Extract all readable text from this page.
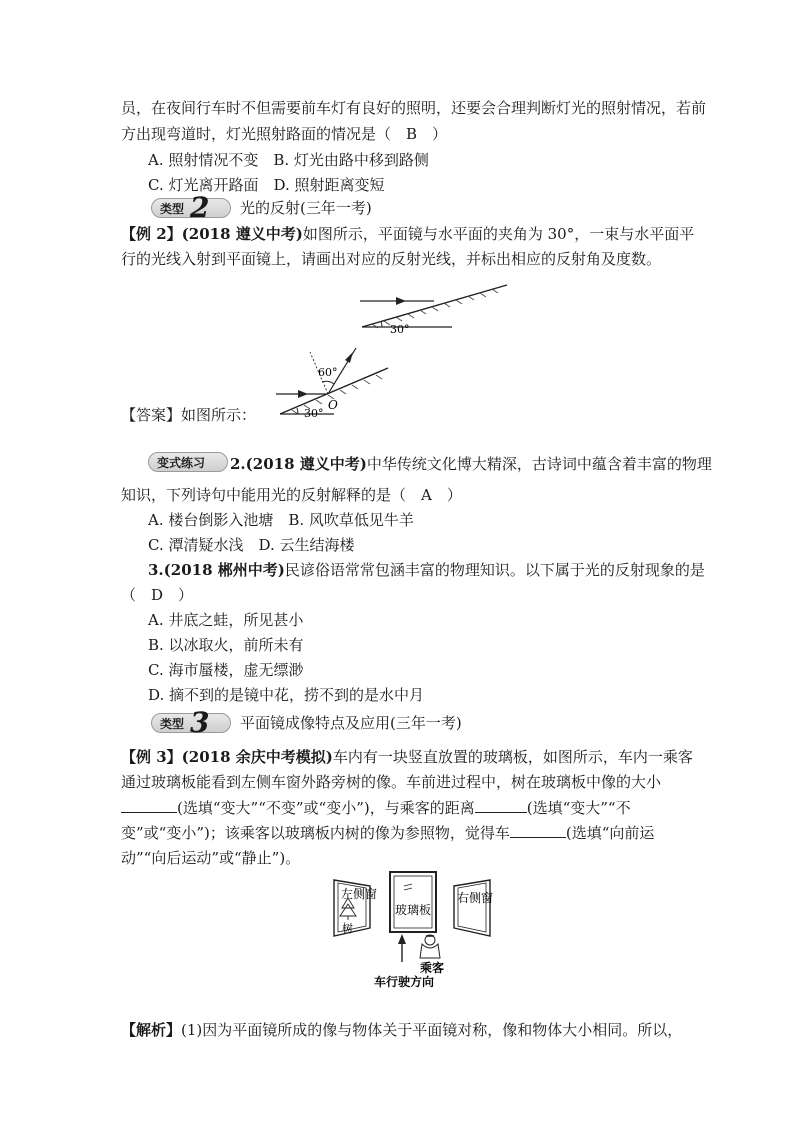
员，在夜间行车时不但需要前车灯有良好的照明，还要会合理判断灯光的照射情况，若前
方出现弯道时，灯光照射路面的情况是（　B　）
A. 照射情况不变　B. 灯光由路中移到路侧
C. 灯光离开路面　D. 照射距离变短
类型 2 光的反射(三年一考)
【例 2】(2018 遵义中考)如图所示，平面镜与水平面的夹角为 30°，一束与水平面平
行的光线入射到平面镜上，请画出对应的反射光线，并标出相应的反射角及度数。
30°
60°
O
30°
【答案】如图所示：
变式练习 2.(2018 遵义中考)中华传统文化博大精深，古诗词中蕴含着丰富的物理
知识，下列诗句中能用光的反射解释的是（　A　）
A. 楼台倒影入池塘　B. 风吹草低见牛羊
C. 潭清疑水浅　D. 云生结海楼
3.(2018 郴州中考)民谚俗语常常包涵丰富的物理知识。以下属于光的反射现象的是
（　D　）
A. 井底之蛙，所见甚小
B. 以冰取火，前所未有
C. 海市蜃楼，虚无缥渺
D. 摘不到的是镜中花，捞不到的是水中月
类型 3 平面镜成像特点及应用(三年一考)
【例 3】(2018 余庆中考模拟)车内有一块竖直放置的玻璃板，如图所示，车内一乘客
通过玻璃板能看到左侧车窗外路旁树的像。车前进过程中，树在玻璃板中像的大小
(选填“变大”“不变”或“变小”)，与乘客的距离	(选填“变大”“不
变”或“变小”)；该乘客以玻璃板内树的像为参照物，觉得车	(选填“向前运
动”“向后运动”或“静止”)。
左侧窗
树
玻璃板
右侧窗
乘客
车行驶方向
【解析】(1)因为平面镜所成的像与物体关于平面镜对称，像和物体大小相同。所以，
